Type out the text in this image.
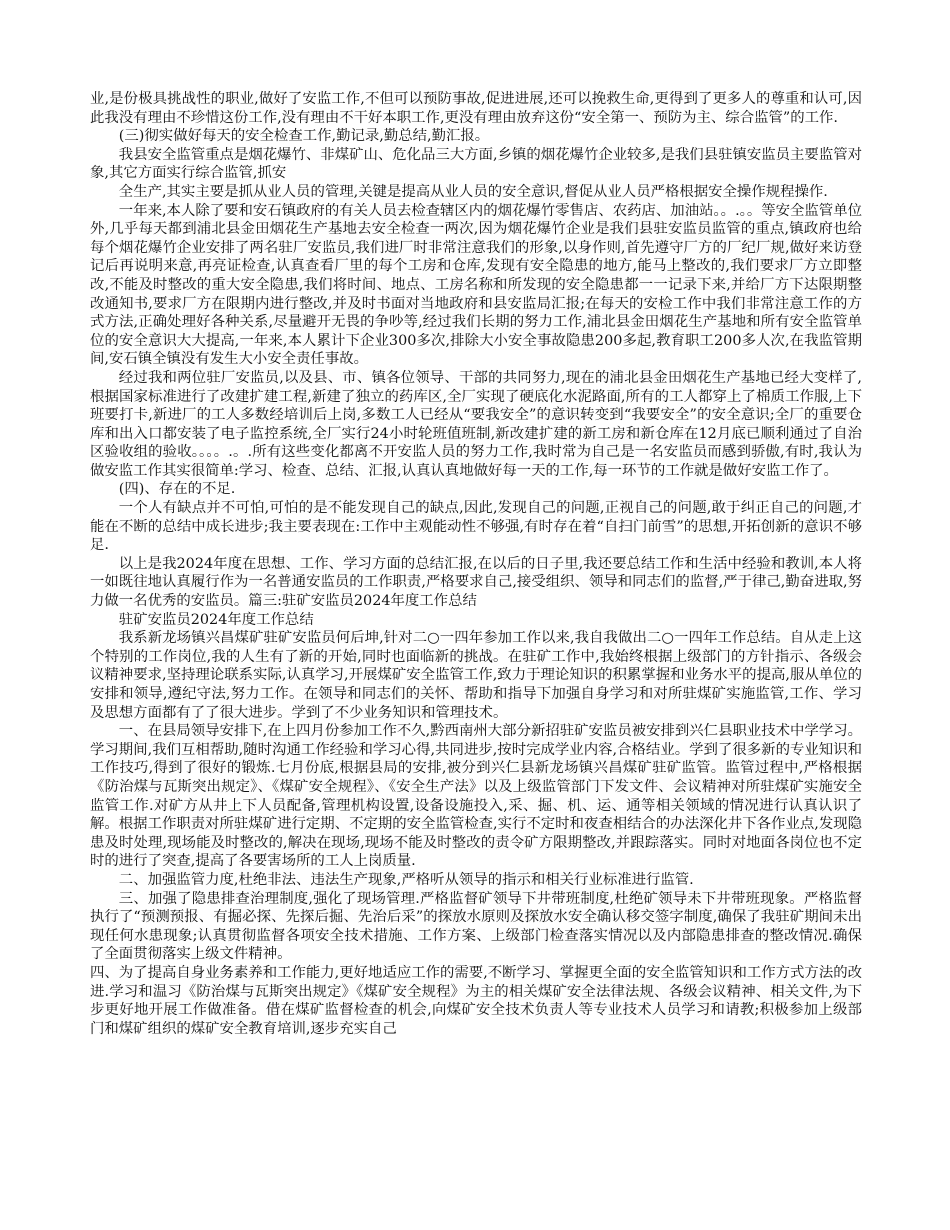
业,是份极具挑战性的职业,做好了安监工作,不但可以预防事故,促进进展,还可以挽救生命,更得到了更多人的尊重和认可,因此我没有理由不珍惜这份工作,没有理由不干好本职工作,更没有理由放弃这份“安全第一、预防为主、综合监管”的工作.

(三)彻实做好每天的安全检查工作,勤记录,勤总结,勤汇报。

我县安全监管重点是烟花爆竹、非煤矿山、危化品三大方面,乡镇的烟花爆竹企业较多,是我们县驻镇安监员主要监管对象,其它方面实行综合监管,抓安

全生产,其实主要是抓从业人员的管理,关键是提高从业人员的安全意识,督促从业人员严格根据安全操作规程操作.

一年来,本人除了要和安石镇政府的有关人员去检查辖区内的烟花爆竹零售店、农药店、加油站。。.。。等安全监管单位外,几乎每天都到浦北县金田烟花生产基地去安全检查一两次,因为烟花爆竹企业是我们县驻安监员监管的重点,镇政府也给每个烟花爆竹企业安排了两名驻厂安监员,我们进厂时非常注意我们的形象,以身作则,首先遵守厂方的厂纪厂规,做好来访登记后再说明来意,再亮证检查,认真查看厂里的每个工房和仓库,发现有安全隐患的地方,能马上整改的,我们要求厂方立即整改,不能及时整改的重大安全隐患,我们将时间、地点、工房名称和所发现的安全隐患都一一记录下来,并给厂方下达限期整改通知书,要求厂方在限期内进行整改,并及时书面对当地政府和县安监局汇报;在每天的安检工作中我们非常注意工作的方式方法,正确处理好各种关系,尽量避开无畏的争吵等,经过我们长期的努力工作,浦北县金田烟花生产基地和所有安全监管单位的安全意识大大提高,一年来,本人累计下企业300多次,排除大小安全事故隐患200多起,教育职工200多人次,在我监管期间,安石镇全镇没有发生大小安全责任事故。

经过我和两位驻厂安监员,以及县、市、镇各位领导、干部的共同努力,现在的浦北县金田烟花生产基地已经大变样了,根据国家标准进行了改建扩建工程,新建了独立的药库区,全厂实现了硬底化水泥路面,所有的工人都穿上了棉质工作服,上下班要打卡,新进厂的工人多数经培训后上岗,多数工人已经从“要我安全”的意识转变到“我要安全”的安全意识;全厂的重要仓库和出入口都安装了电子监控系统,全厂实行24小时轮班值班制,新改建扩建的新工房和新仓库在12月底已顺利通过了自治区验收组的验收。。。。.。.所有这些变化都离不开安监人员的努力工作,我时常为自己是一名安监员而感到骄傲,有时,我认为做安监工作其实很简单:学习、检查、总结、汇报,认真认真地做好每一天的工作,每一环节的工作就是做好安监工作了。

(四)、存在的不足.

一个人有缺点并不可怕,可怕的是不能发现自己的缺点,因此,发现自己的问题,正视自己的问题,敢于纠正自己的问题,才能在不断的总结中成长进步;我主要表现在:工作中主观能动性不够强,有时存在着“自扫门前雪”的思想,开拓创新的意识不够足.

以上是我2024年度在思想、工作、学习方面的总结汇报,在以后的日子里,我还要总结工作和生活中经验和教训,本人将一如既往地认真履行作为一名普通安监员的工作职责,严格要求自己,接受组织、领导和同志们的监督,严于律己,勤奋进取,努力做一名优秀的安监员。篇三:驻矿安监员2024年度工作总结

驻矿安监员2024年度工作总结

我系新龙场镇兴昌煤矿驻矿安监员何后坤,针对二○一四年参加工作以来,我自我做出二○一四年工作总结。自从走上这个特别的工作岗位,我的人生有了新的开始,同时也面临新的挑战。在驻矿工作中,我始终根据上级部门的方针指示、各级会议精神要求,坚持理论联系实际,认真学习,开展煤矿安全监管工作,致力于理论知识的积累掌握和业务水平的提高,服从单位的安排和领导,遵纪守法,努力工作。在领导和同志们的关怀、帮助和指导下加强自身学习和对所驻煤矿实施监管,工作、学习及思想方面都有了了很大进步。学到了不少业务知识和管理技术。

一、在县局领导安排下,在上四月份参加工作不久,黔西南州大部分新招驻矿安监员被安排到兴仁县职业技术中学学习。学习期间,我们互相帮助,随时沟通工作经验和学习心得,共同进步,按时完成学业内容,合格结业。学到了很多新的专业知识和工作技巧,得到了很好的锻炼.七月份底,根据县局的安排,被分到兴仁县新龙场镇兴昌煤矿驻矿监管。监管过程中,严格根据《防治煤与瓦斯突出规定》、《煤矿安全规程》、《安全生产法》以及上级监管部门下发文件、会议精神对所驻煤矿实施安全监管工作.对矿方从井上下人员配备,管理机构设置,设备设施投入,采、掘、机、运、通等相关领域的情况进行认真认识了解。根据工作职责对所驻煤矿进行定期、不定期的安全监管检查,实行不定时和夜查相结合的办法深化井下各作业点,发现隐患及时处理,现场能及时整改的,解决在现场,现场不能及时整改的责令矿方限期整改,并跟踪落实。同时对地面各岗位也不定时的进行了突查,提高了各要害场所的工人上岗质量.

二、加强监管力度,杜绝非法、违法生产现象,严格听从领导的指示和相关行业标准进行监管.

三、加强了隐患排查治理制度,强化了现场管理.严格监督矿领导下井带班制度,杜绝矿领导未下井带班现象。严格监督执行了“预测预报、有掘必探、先探后掘、先治后采”的探放水原则及探放水安全确认移交签字制度,确保了我驻矿期间未出现任何水患现象;认真贯彻监督各项安全技术措施、工作方案、上级部门检查落实情况以及内部隐患排查的整改情况.确保了全面贯彻落实上级文件精神。

四、为了提高自身业务素养和工作能力,更好地适应工作的需要,不断学习、掌握更全面的安全监管知识和工作方式方法的改进.学习和温习《防治煤与瓦斯突出规定》《煤矿安全规程》为主的相关煤矿安全法律法规、各级会议精神、相关文件,为下步更好地开展工作做准备。借在煤矿监督检查的机会,向煤矿安全技术负责人等专业技术人员学习和请教;积极参加上级部门和煤矿组织的煤矿安全教育培训,逐步充实自己
